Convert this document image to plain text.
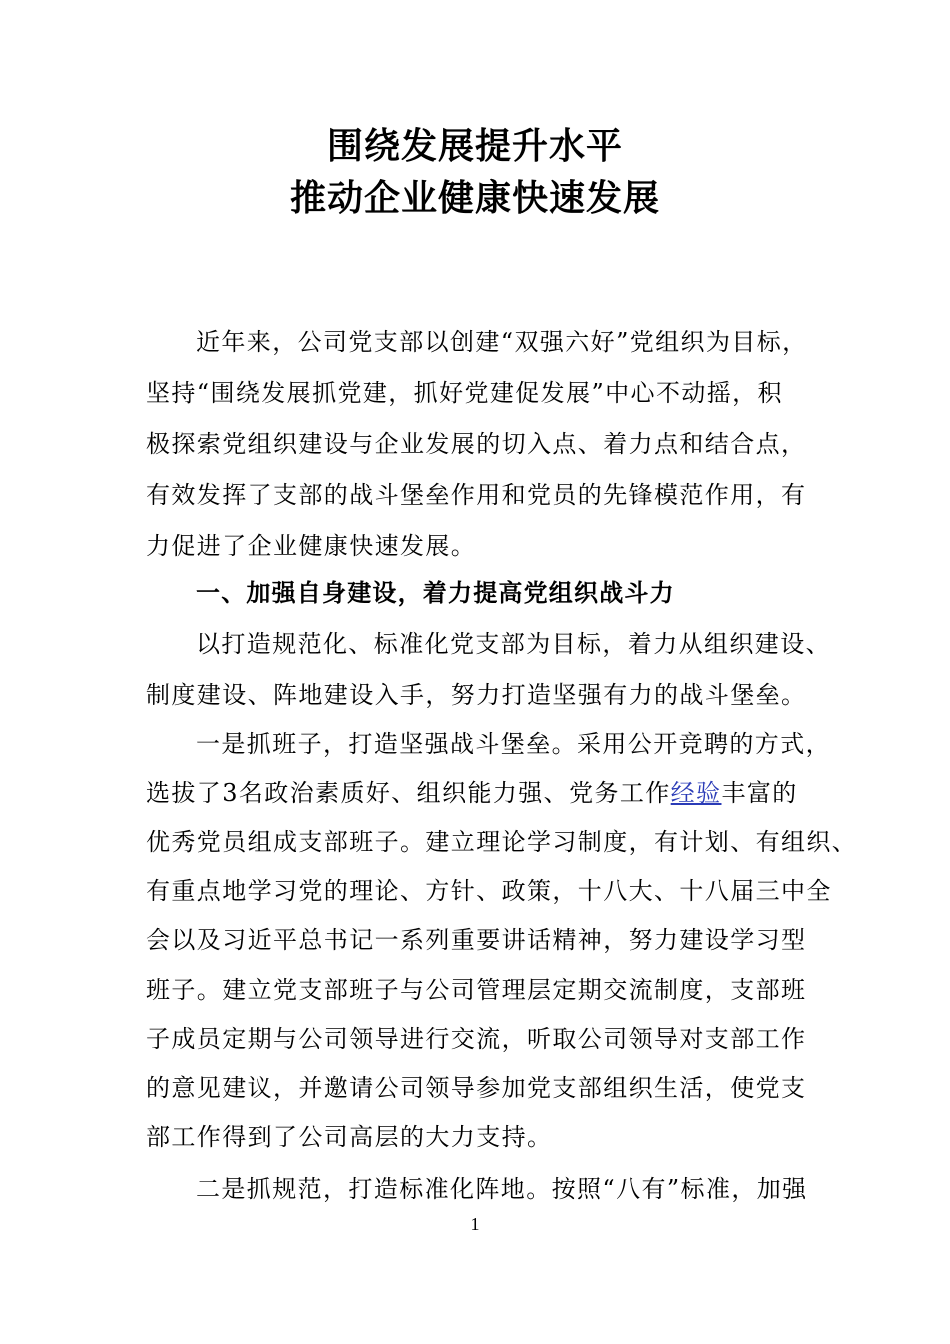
围绕发展提升水平
推动企业健康快速发展
近年来，公司党支部以创建“双强六好”党组织为目标，
坚持“围绕发展抓党建，抓好党建促发展”中心不动摇，积
极探索党组织建设与企业发展的切入点、着力点和结合点，
有效发挥了支部的战斗堡垒作用和党员的先锋模范作用，有
力促进了企业健康快速发展。
一、加强自身建设，着力提高党组织战斗力
以打造规范化、标准化党支部为目标，着力从组织建设、
制度建设、阵地建设入手，努力打造坚强有力的战斗堡垒。
一是抓班子，打造坚强战斗堡垒。采用公开竞聘的方式，
选拔了3名政治素质好、组织能力强、党务工作经验丰富的
优秀党员组成支部班子。建立理论学习制度，有计划、有组织、
有重点地学习党的理论、方针、政策，十八大、十八届三中全
会以及习近平总书记一系列重要讲话精神，努力建设学习型
班子。建立党支部班子与公司管理层定期交流制度，支部班
子成员定期与公司领导进行交流，听取公司领导对支部工作
的意见建议，并邀请公司领导参加党支部组织生活，使党支
部工作得到了公司高层的大力支持。
二是抓规范，打造标准化阵地。按照“八有”标准，加强
1
